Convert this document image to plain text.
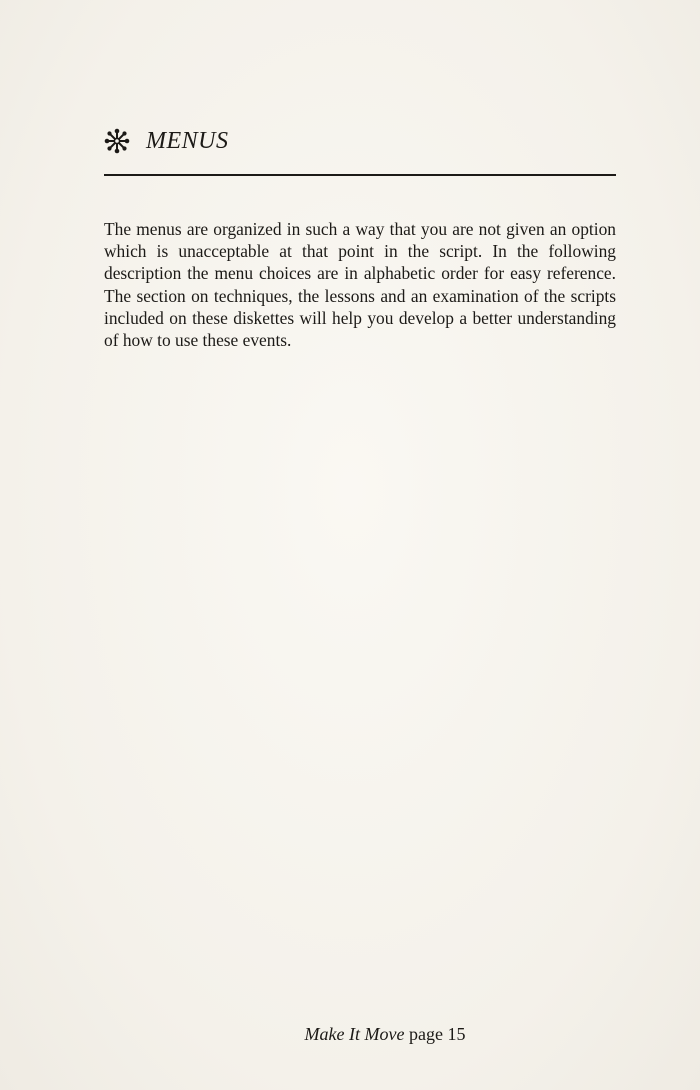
MENUS

The menus are organized in such a way that you are not given an option which is unacceptable at that point in the script. In the following description the menu choices are in alphabetic order for easy reference. The section on techniques, the lessons and an examination of the scripts included on these diskettes will help you develop a better understanding of how to use these events.

Make It Move page 15
